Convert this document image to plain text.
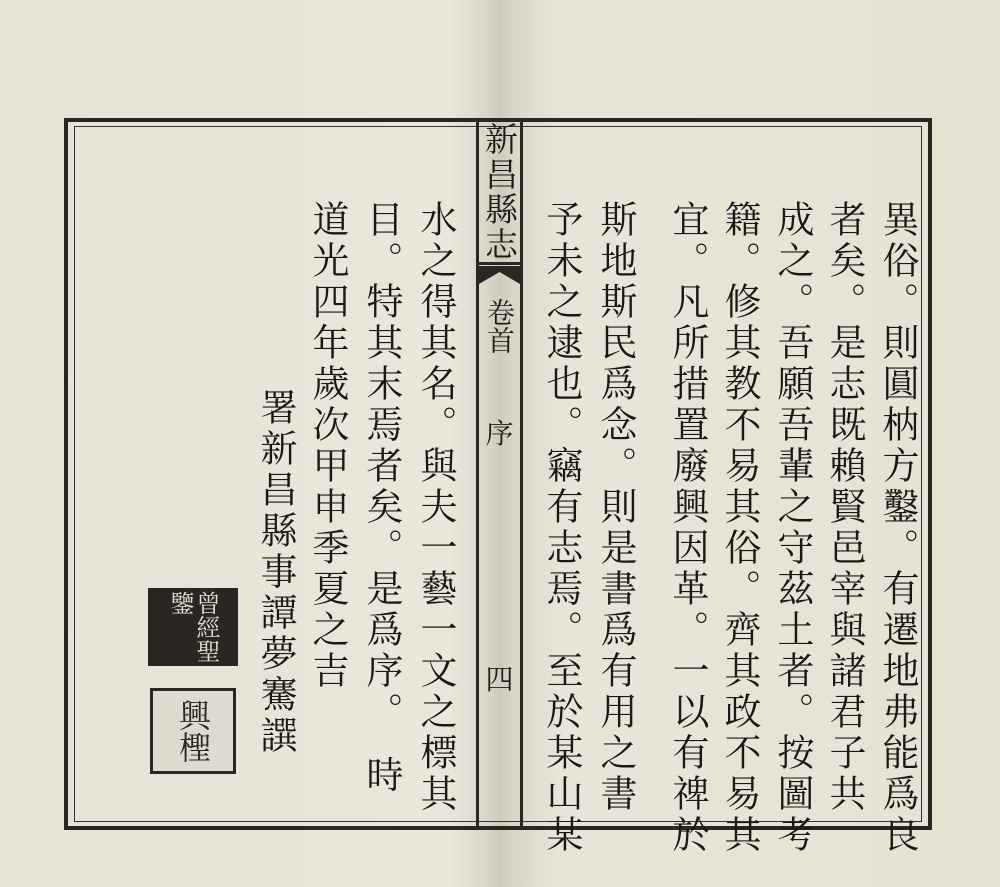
新昌縣志
卷首
序
四	異俗。則圓枘方鑿。有遷地弗能爲良
者矣。是志既賴賢邑宰與諸君子共
成之。吾願吾輩之守茲土者。按圖考
籍。修其教不易其俗。齊其政不易其
宜。凡所措置廢興因革。一以有禆於
斯地斯民爲念。則是書爲有用之書
予未之逮也。竊有志焉。至於某山某
水之得其名。與夫一藝一文之標其
目。特其末焉者矣。是爲序。　時
道光四年歲次甲申季夏之吉
署新昌縣事譚夢騫譔
曾經聖鑒
興檉
